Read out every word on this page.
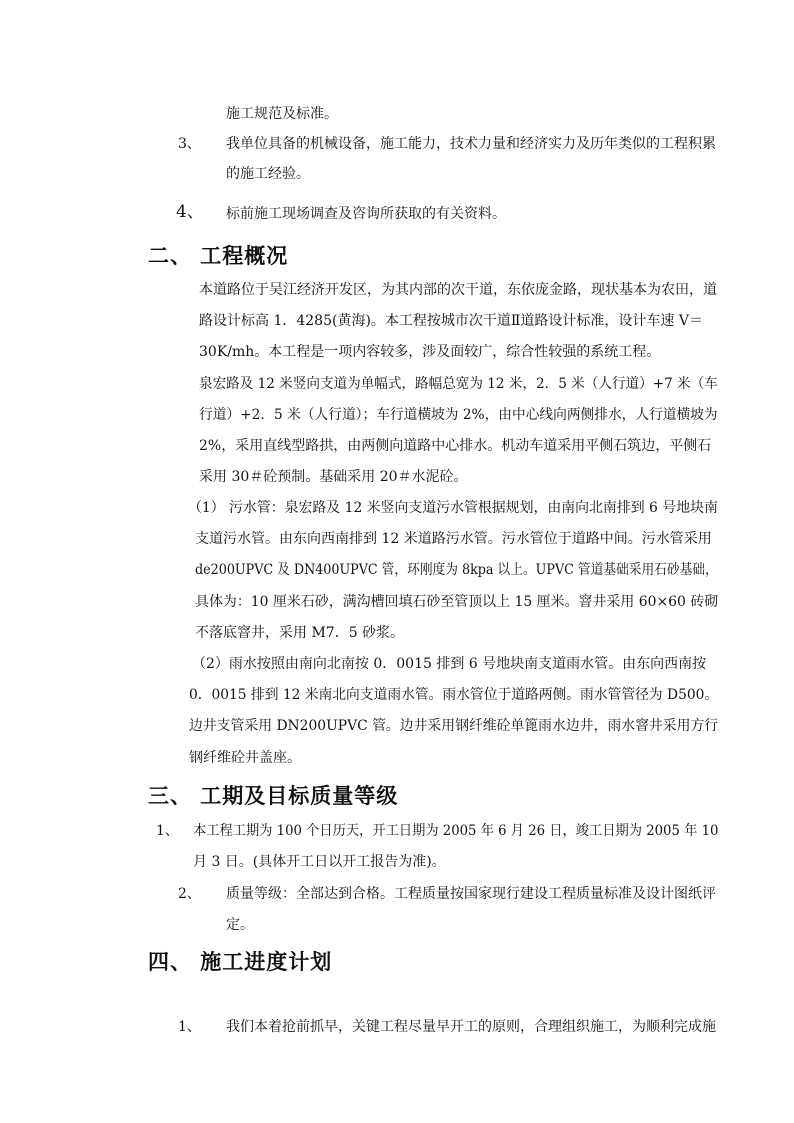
施工规范及标准。
3、 我单位具备的机械设备，施工能力，技术力量和经济实力及历年类似的工程积累
的施工经验。
4、 标前施工现场调查及咨询所获取的有关资料。
二、 工程概况
本道路位于吴江经济开发区，为其内部的次干道，东依庞金路，现状基本为农田，道
路设计标高 1．4285(黄海)。本工程按城市次干道Ⅱ道路设计标准，设计车速 V＝
30K/mh。本工程是一项内容较多，涉及面较广，综合性较强的系统工程。
泉宏路及 12 米竖向支道为单幅式，路幅总宽为 12 米，2．5 米（人行道）+7 米（车
行道）+2．5 米（人行道）；车行道横坡为 2%，由中心线向两侧排水，人行道横坡为
2%，采用直线型路拱，由两侧向道路中心排水。机动车道采用平侧石筑边，平侧石
采用 30＃砼预制。基础采用 20＃水泥砼。
（1） 污水管：泉宏路及 12 米竖向支道污水管根据规划，由南向北南排到 6 号地块南
支道污水管。由东向西南排到 12 米道路污水管。污水管位于道路中间。污水管采用
de200UPVC 及 DN400UPVC 管，环刚度为 8kpa 以上。UPVC 管道基础采用石砂基础，
具体为：10 厘米石砂，满沟槽回填石砂至管顶以上 15 厘米。窨井采用 60×60 砖砌
不落底窨井，采用 M7．5 砂浆。
（2）雨水按照由南向北南按 0．0015 排到 6 号地块南支道雨水管。由东向西南按
0．0015 排到 12 米南北向支道雨水管。雨水管位于道路两侧。雨水管管径为 D500。
边井支管采用 DN200UPVC 管。边井采用钢纤维砼单篦雨水边井，雨水窨井采用方行
钢纤维砼井盖座。
三、 工期及目标质量等级
1、 本工程工期为 100 个日历天，开工日期为 2005 年 6 月 26 日，竣工日期为 2005 年 10
月 3 日。(具体开工日以开工报告为准)。
2、 质量等级：全部达到合格。工程质量按国家现行建设工程质量标准及设计图纸评
定。
四、 施工进度计划
1、 我们本着抢前抓早，关键工程尽量早开工的原则，合理组织施工，为顺利完成施
